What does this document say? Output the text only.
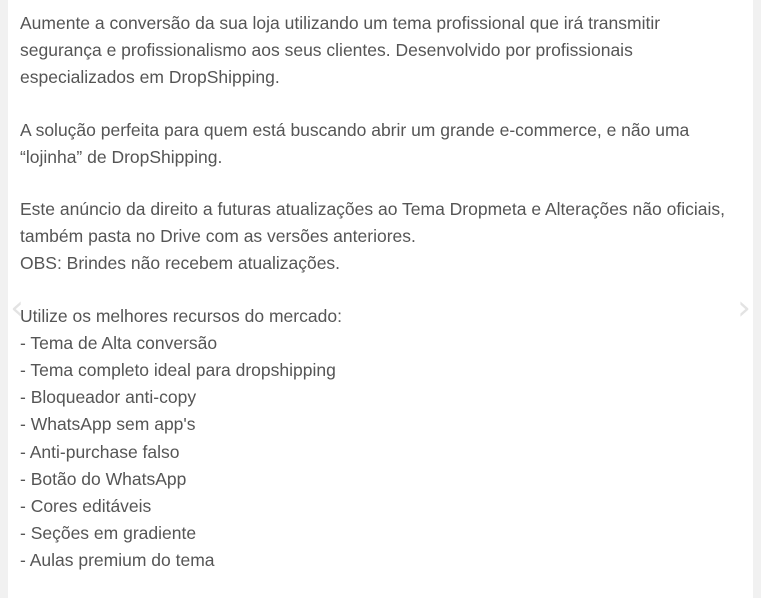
‹	›

Aumente a conversão da sua loja utilizando um tema profissional que irá transmitir segurança e profissionalismo aos seus clientes. Desenvolvido por profissionais especializados em DropShipping.

A solução perfeita para quem está buscando abrir um grande e-commerce, e não uma “lojinha” de DropShipping.

Este anúncio da direito a futuras atualizações ao Tema Dropmeta e Alterações não oficiais, também pasta no Drive com as versões anteriores.

OBS: Brindes não recebem atualizações.

Utilize os melhores recursos do mercado:

- Tema de Alta conversão
- Tema completo ideal para dropshipping
- Bloqueador anti-copy
- WhatsApp sem app's
- Anti-purchase falso
- Botão do WhatsApp
- Cores editáveis
- Seções em gradiente
- Aulas premium do tema
